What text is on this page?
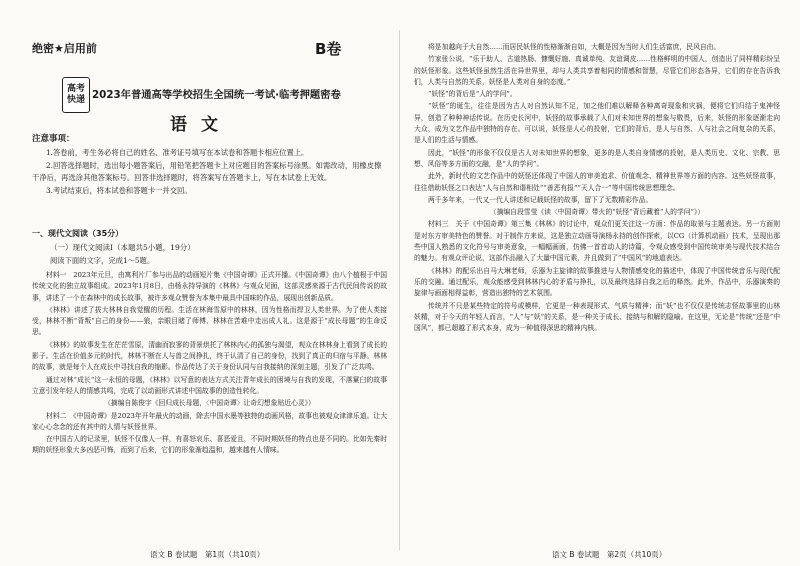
绝密★启用前	B卷
高考
快递 2023年普通高等学校招生全国统一考试·临考押题密卷
语文
注意事项：

1.答卷前，考生务必将自己的姓名、准考证号填写在本试卷和答题卡相应位置上。

2.回答选择题时，选出每小题答案后，用铅笔把答题卡上对应题目的答案标号涂黑。如需改动，用橡皮擦干净后，再选涂其他答案标号。回答非选择题时，将答案写在答题卡上，写在本试卷上无效。

3.考试结束后，将本试卷和答题卡一并交回。

一、现代文阅读（35分）
（一）现代文阅读Ⅰ（本题共5小题，19分）
阅读下面的文字，完成1～5题。

材料一　2023年元旦，由寓利片厂参与出品的动画短片集《中国奇谭》正式开播。《中国奇谭》由八个植根于中国传统文化的独立故事组成。2023年1月8日，由杨永持导演的《林林》与观众见面，这部灵感来源于古代民间传说的故事，讲述了一个在森林中的成长故事，被许多观众赞誉为本集中最具中国味的作品，展现出创新品质。

《林林》讲述了拔大林林自我觉醒的历程。生活在林海雪原中的林林，因为性格而捍卫人类世界。为了使人类接受，林林不断“背叛”自己的身份——狼，亲眼目睹了师傅、林林在苦难中走出成人礼。这是源于“成长母题”的生命反思。

《林林》的故事发生在茫茫雪原，清幽而寂寥的背景烘托了林林内心的孤独与渴望，观众在林林身上看到了成长的影子。生活在价值多元的时代，林林不断在人与兽之间挣扎，终于认清了自己的身份，找到了真正的归宿与平静。林林的故事，就是每个人在成长中寻找自我的缩影。作品传达了关于身份认同与自我接纳的深刻主题，引发了广泛共鸣。

通过对林“成长”这一永恒的母题，《林林》以写意的表达方式关注青年成长的困境与自我的发现，不落窠臼的故事立意引发年轻人的情感共鸣，完成了以动画形式讲述中国故事的创造性转化。

（摘编自陈俊宇《回归成长母题，〈中国奇谭〉让奇幻想象贴近心灵》）

材料二　《中国奇谭》是2023年开年最火的动画，除去中国水墨等独特的动画风格，故事也被观众津津乐道。让大家心心念念的还有其中的人情与妖怪世界。

在中国古人的记录里，妖怪不仅像人一样，有喜怒哀乐、喜恶爱且，不同时期妖怪的特点也是不同的。比如先秦时期的妖怪形象大多凶恶可怖，而到了后来，它们的形象渐趋温和，越来越有人情味。

将是加越向于大自然……而居民妖怪的性格渐渐自如，大概是因为当时人们生活富庶，民风自由。

竹家张公说，“乐于助人、古道热肠、慷慨好施、真诚单纯、友谊调皮……性格鲜明的中国人，创造出了同样精彩纷呈的妖怪形象。这些妖怪虽然生活在异世界里，却与人类共享着相同的情感和智慧，尽管它们形态各异，它们的存在告诉我们，人类与自然的关系，妖怪是人类对自身的态度。”

“妖怪”的背后是“人的学问”。

“妖怪”的诞生，往往是因为古人对自然认知不足，加之他们难以解释各种离奇现象和灾祸，便将它们归结于鬼神怪异，创造了种种神话传说。在历史长河中，妖怪的故事承载了人们对未知世界的想象与敬畏，后来，妖怪的形象逐渐走向大众，成为文艺作品中独特的存在。可以说，妖怪是人心的投射，它们的背后，是人与自然、人与社会之间复杂的关系，是人们的生活与情感。

因此，“妖怪”的形象不仅仅是古人对未知世界的想象，更多的是人类自身情感的投射，是人类历史、文化、宗教、思想、风俗等多方面的交融，是“人的学问”。

此外，新时代的文艺作品中的妖怪还体现了中国人的审美追求、价值观念、精神世界等方面的内容。这些妖怪故事，往往借助妖怪之口表达“人与自然和谐相处”“善恶有报”“天人合一”等中国传统思想理念。

两千多年来，一代又一代人讲述和记载妖怪的故事，留下了无数精彩作品。

（摘编自段雪莹《读〈中国奇谭〉带火的“妖怪”背后藏着“人的学问”》）

材料三　关于《中国奇谭》第三集《林林》的讨论中，观众们更关注这一方面：作品的取景与主题表达。另一方面则是对东方审美特色的赞誉。对于制作方来说，这是独立动画导演杨永持的创作探索，以CG（计算机动画）技术，呈现出那些中国人熟悉的文化符号与审美意象，一幅幅画面，仿佛一首首动人的诗篇，令观众感受到中国传统审美与现代技术结合的魅力。有观众评论说，这部作品融入了大量中国元素，并且做到了“中国风”的地道表达。

《林林》的配乐出自马大琳老师，乐器为主旋律的故事推进与人物情感变化的描述中，体现了中国传统音乐与现代配乐的交融。通过配乐，观众能感受到林林内心的矛盾与挣扎，以及最终选择自我之后的释然。此外，作品中，乐器演奏的旋律与画面相得益彰，营造出独特的艺术氛围。

传统并不只是某些特定的符号或模样，它更是一种表现形式、气质与精神；而“妖”也不仅仅是传统志怪故事里的山林妖精，对于今天的年轻人而言，“人”与“妖”的关系，是一种关于成长、接纳与和解的隐喻。在这里，无论是“传统”还是“中国风”，都已超越了形式本身，成为一种值得深思的精神内核。

语文 B 卷试题　第1页（共10页）	语文 B 卷试题　第2页（共10页）
